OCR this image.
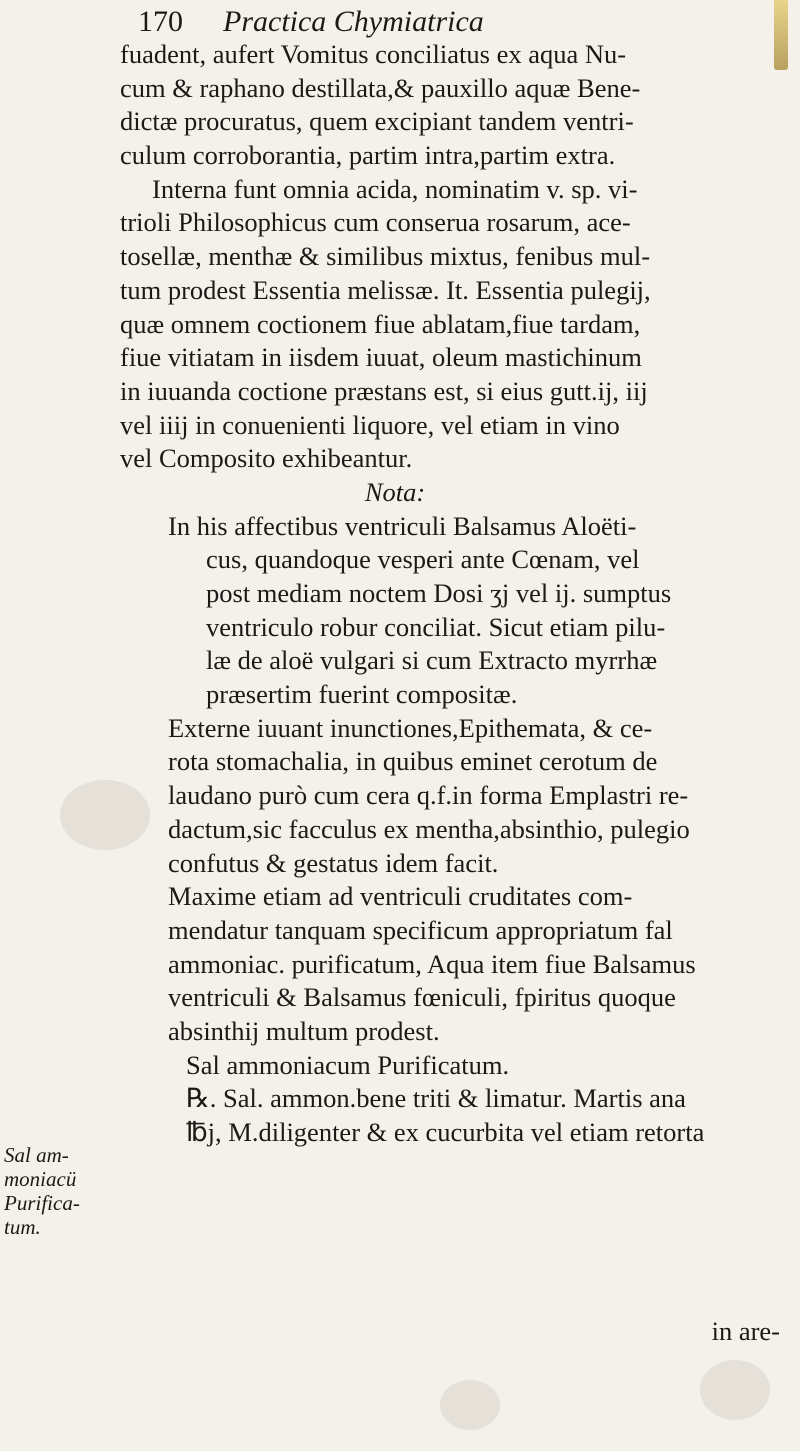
170 Practica Chymiatrica
fuadent, aufert Vomitus conciliatus ex aqua Nu-
cum & raphano destillata,& pauxillo aquæ Bene-
dictæ procuratus, quem excipiant tandem ventri-
culum corroborantia, partim intra,partim extra.
Interna funt omnia acida, nominatim v. sp. vi-
trioli Philosophicus cum conserua rosarum, ace-
tosellæ, menthæ & similibus mixtus, fenibus mul-
tum prodest Essentia melissæ. It. Essentia pulegij,
quæ omnem coctionem fiue ablatam,fiue tardam,
fiue vitiatam in iisdem iuuat, oleum mastichinum
in iuuanda coctione præstans est, si eius gutt.ij, iij
vel iiij in conuenienti liquore, vel etiam in vino
vel Composito exhibeantur.
Nota:
In his affectibus ventriculi Balsamus Aloëti-
cus, quandoque vesperi ante Cœnam, vel
post mediam noctem Dosi ʒj vel ij. sumptus
ventriculo robur conciliat. Sicut etiam pilu-
læ de aloë vulgari si cum Extracto myrrhæ
præsertim fuerint compositæ.
Externe iuuant inunctiones,Epithemata, & ce-
rota stomachalia, in quibus eminet cerotum de
laudano purò cum cera q.f.in forma Emplastri re-
dactum,sic facculus ex mentha,absinthio, pulegio
confutus & gestatus idem facit.
Maxime etiam ad ventriculi cruditates com-
mendatur tanquam specificum appropriatum fal
ammoniac. purificatum, Aqua item fiue Balsamus
ventriculi & Balsamus fœniculi, fpiritus quoque
absinthij multum prodest.
Sal ammoniacum Purificatum.
℞. Sal. ammon.bene triti & limatur. Martis ana
℔j, M.diligenter & ex cucurbita vel etiam retorta
Sal am-
moniacü
Purifica-
tum.
in are-
